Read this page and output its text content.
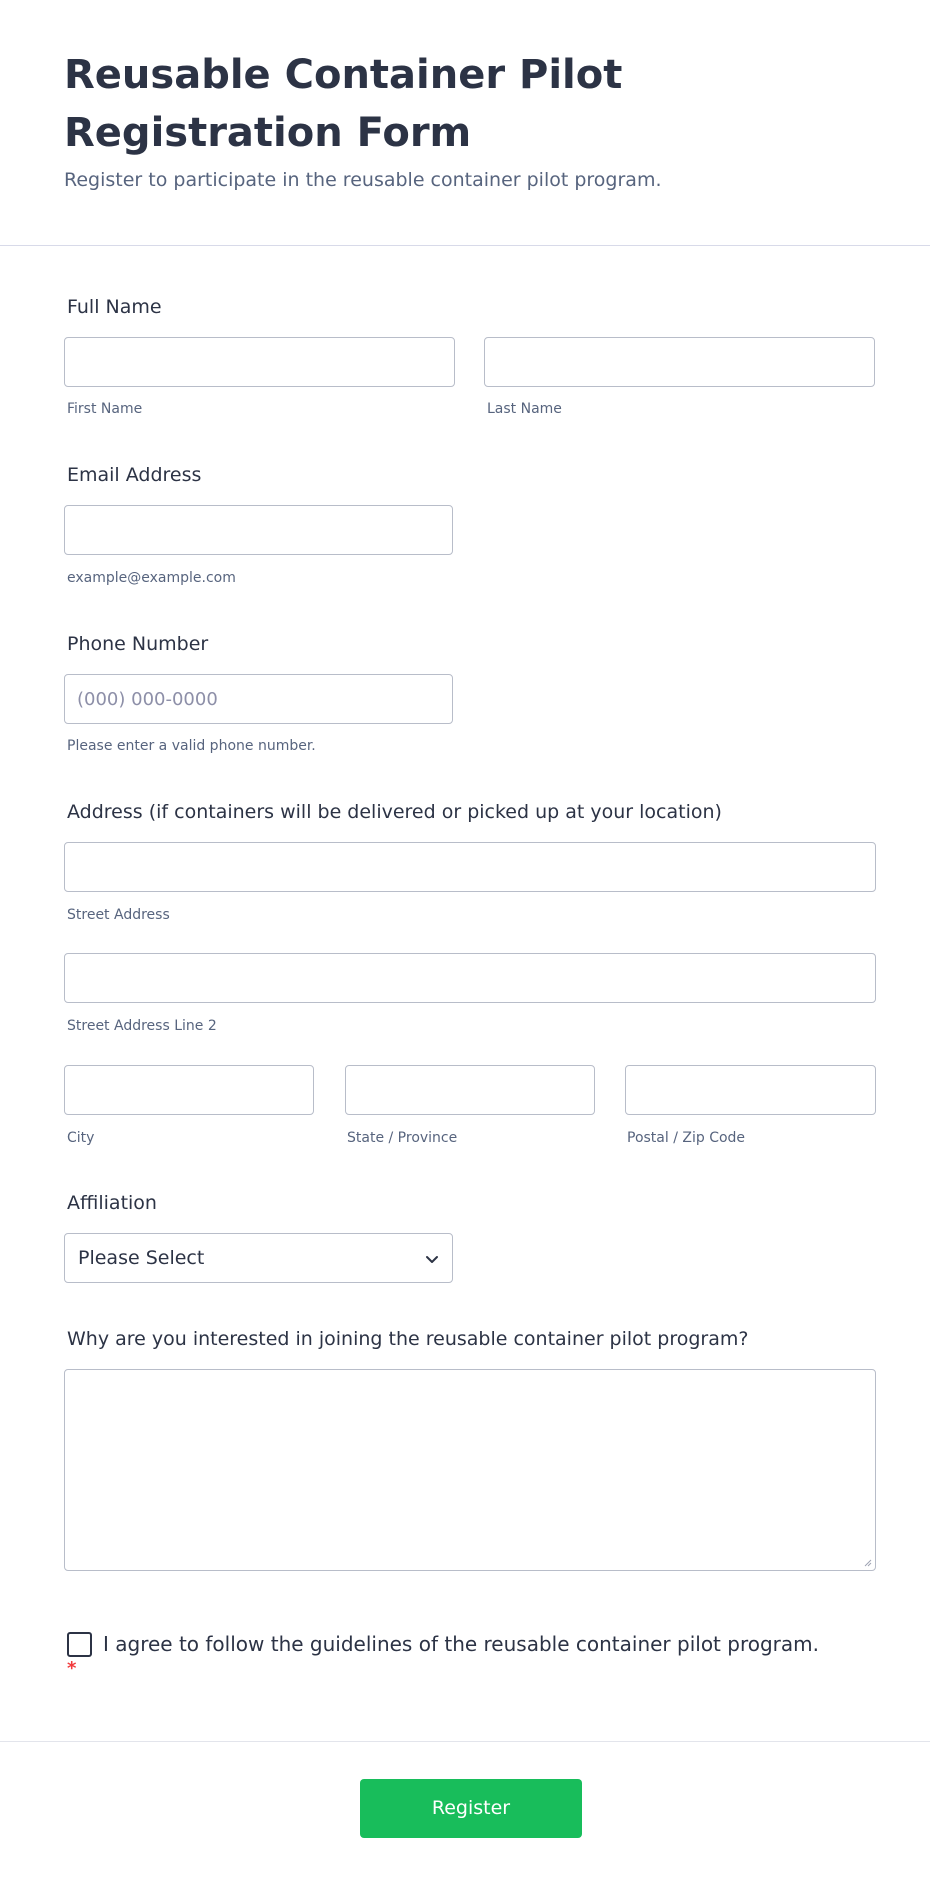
Reusable Container Pilot Registration Form
Register to participate in the reusable container pilot program.
Full Name
First Name	Last Name
Email Address
example@example.com
Phone Number
(000) 000-0000
Please enter a valid phone number.
Address (if containers will be delivered or picked up at your location)
Street Address
Street Address Line 2
City	State / Province	Postal / Zip Code
Affiliation
Please Select
Why are you interested in joining the reusable container pilot program?
I agree to follow the guidelines of the reusable container pilot program.
*
Register
